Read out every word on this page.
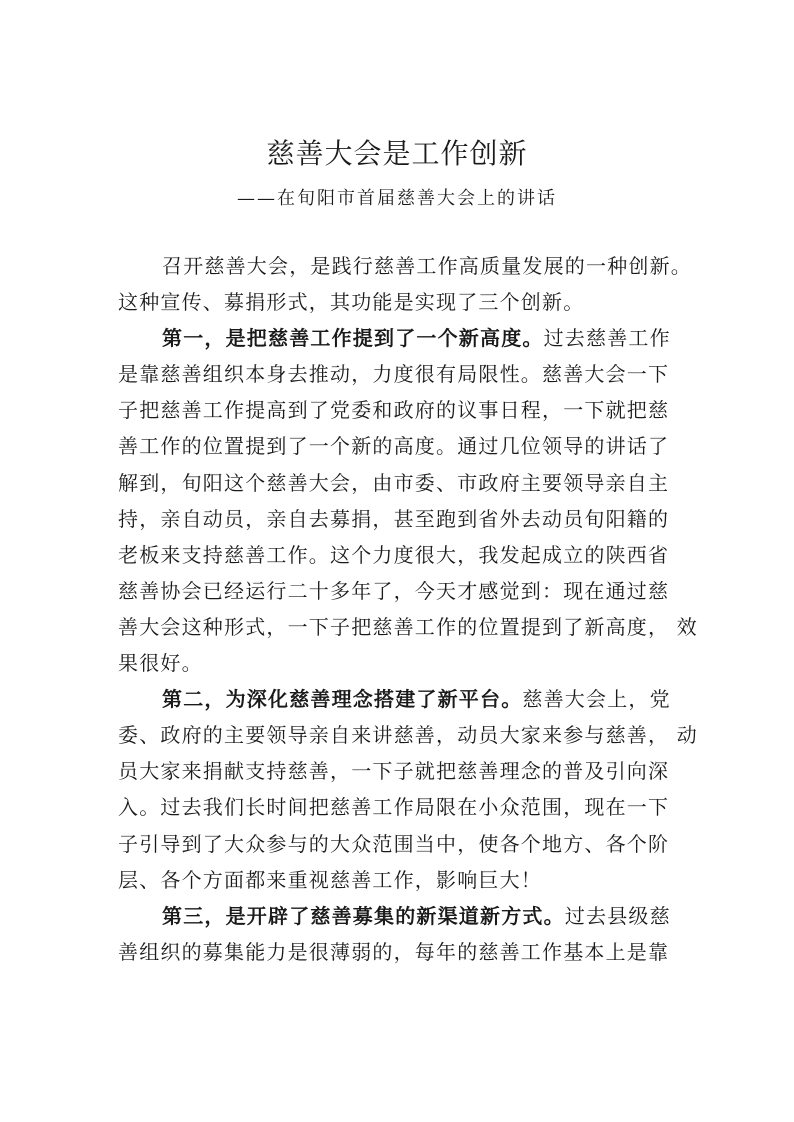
慈善大会是工作创新
——在旬阳市首届慈善大会上的讲话
召开慈善大会，是践行慈善工作高质量发展的一种创新。
这种宣传、募捐形式，其功能是实现了三个创新。
第一，是把慈善工作提到了一个新高度。过去慈善工作
是靠慈善组织本身去推动，力度很有局限性。慈善大会一下
子把慈善工作提高到了党委和政府的议事日程，一下就把慈
善工作的位置提到了一个新的高度。通过几位领导的讲话了
解到，旬阳这个慈善大会，由市委、市政府主要领导亲自主
持，亲自动员，亲自去募捐，甚至跑到省外去动员旬阳籍的
老板来支持慈善工作。这个力度很大，我发起成立的陕西省
慈善协会已经运行二十多年了，今天才感觉到：现在通过慈
善大会这种形式，一下子把慈善工作的位置提到了新高度， 效
果很好。
第二，为深化慈善理念搭建了新平台。慈善大会上，党
委、政府的主要领导亲自来讲慈善，动员大家来参与慈善， 动
员大家来捐献支持慈善，一下子就把慈善理念的普及引向深
入。过去我们长时间把慈善工作局限在小众范围，现在一下
子引导到了大众参与的大众范围当中，使各个地方、各个阶
层、各个方面都来重视慈善工作，影响巨大！
第三，是开辟了慈善募集的新渠道新方式。过去县级慈
善组织的募集能力是很薄弱的，每年的慈善工作基本上是靠
